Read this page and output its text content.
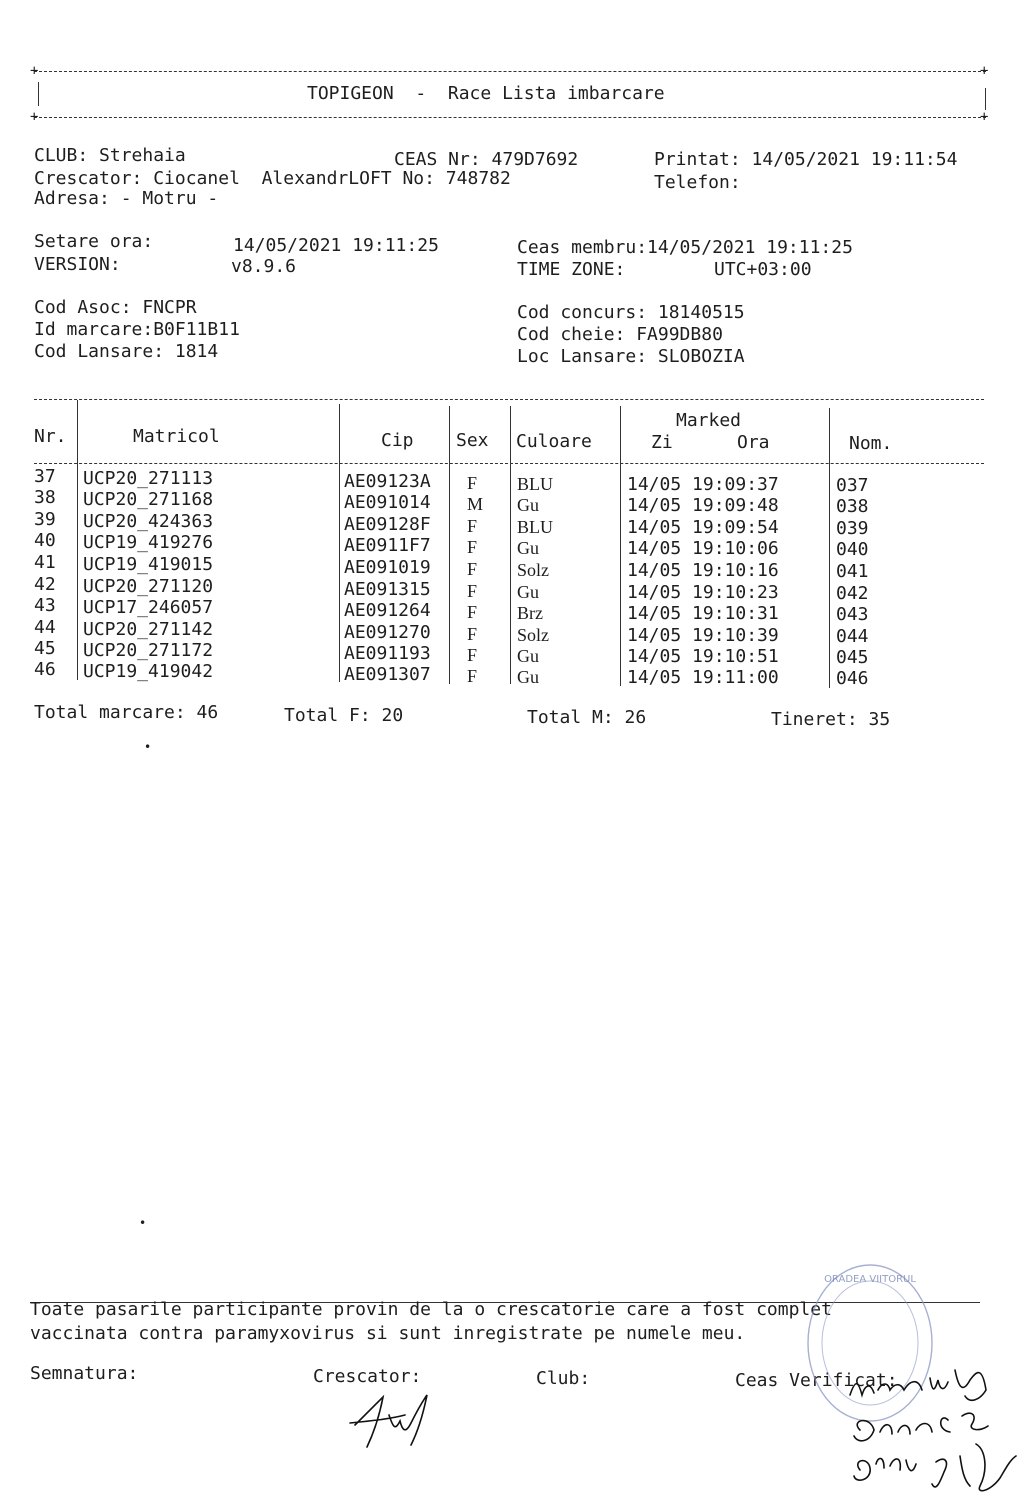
+	+
+	+
TOPIGEON  -  Race Lista imbarcare
CLUB: Strehaia	CEAS Nr: 479D7692	Printat: 14/05/2021 19:11:54
Crescator: Ciocanel  AlexandrLOFT No: 748782	Telefon:
Adresa: - Motru -
Setare ora:	14/05/2021 19:11:25	Ceas membru:14/05/2021 19:11:25
VERSION:	v8.9.6	TIME ZONE:	UTC+03:00
Cod Asoc: FNCPR	Cod concurs: 18140515
Id marcare:B0F11B11	Cod cheie: FA99DB80
Cod Lansare: 1814	Loc Lansare: SLOBOZIA
Nr.	Matricol	Cip Sex Culoare
Marked
Zi	Ora	Nom.
37 UCP20_271113	AE09123A F BLU	14/05 19:09:37	037
38 UCP20_271168	AE091014 M Gu	14/05 19:09:48	038
39 UCP20_424363	AE09128F F BLU	14/05 19:09:54	039
40 UCP19_419276	AE0911F7 F Gu	14/05 19:10:06	040
41 UCP19_419015	AE091019 F Solz	14/05 19:10:16	041
42 UCP20_271120	AE091315 F Gu	14/05 19:10:23	042
43 UCP17_246057	AE091264 F Brz	14/05 19:10:31	043
44 UCP20_271142	AE091270 F Solz	14/05 19:10:39	044
45 UCP20_271172	AE091193 F Gu	14/05 19:10:51	045
46 UCP19_419042	AE091307 F Gu	14/05 19:11:00	046
Total marcare: 46	Total F: 20	Total M: 26	Tineret: 35
Toate pasarile participante provin de la o crescatorie care a fost complet
vaccinata contra paramyxovirus si sunt inregistrate pe numele meu.
Semnatura:	Crescator:	Club:	Ceas Verificat:
ORADEA VIITORUL
•
•
